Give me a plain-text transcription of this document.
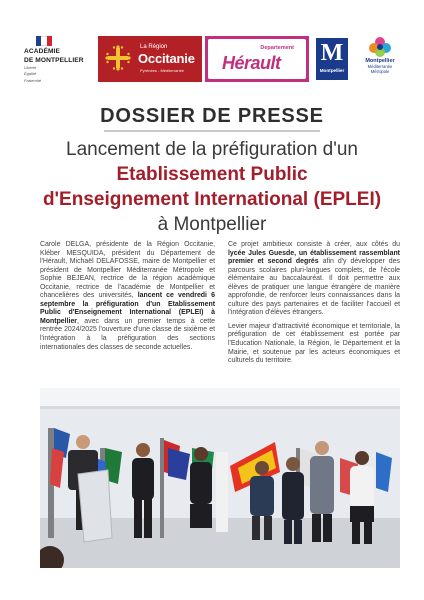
ACADÉMIE
DE MONTPELLIER
Liberté
Égalité
Fraternité
La Région
Occitanie
Pyrénées - Méditerranée
Departement
Hérault M
Montpellier
Montpellier
Méditerranée
Métropole
DOSSIER DE PRESSE
Lancement de la préfiguration d'un
Etablissement Public
d'Enseignement International (EPLEI)
à Montpellier

Carole DELGA, présidente de la Région Occitanie, Kléber MESQUIDA, président du Département de l'Hérault, Michaël DELAFOSSE, maire de Montpellier et président de Montpellier Méditerranée Métropole et Sophie BEJEAN, rectrice de la région académique Occitanie, rectrice de l'académie de Montpellier et chancelières des universités, lancent ce vendredi 6 septembre la préfiguration d'un Etablissement Public d'Enseignement International (EPLEI) à Montpellier, avec dans un premier temps à cette rentrée 2024/2025 l'ouverture d'une classe de sixième et l'intégration à la préfiguration des sections internationales des classes de seconde actuelles.

Ce projet ambitieux consiste à créer, aux côtés du lycée Jules Guesde, un établissement rassemblant premier et second degrés afin d'y développer des parcours scolaires pluri-langues complets, de l'école élémentaire au baccalauréat. Il doit permettre aux élèves de pratiquer une langue étrangère de manière approfondie, de renforcer leurs connaissances dans la culture des pays partenaires et de faciliter l'accueil et l'intégration d'élèves étrangers.

Levier majeur d'attractivité économique et territoriale, la préfiguration de cet établissement est portée par l'Education Nationale, la Région, le Département et la Mairie, et soutenue par les acteurs économiques et culturels du territoire.
